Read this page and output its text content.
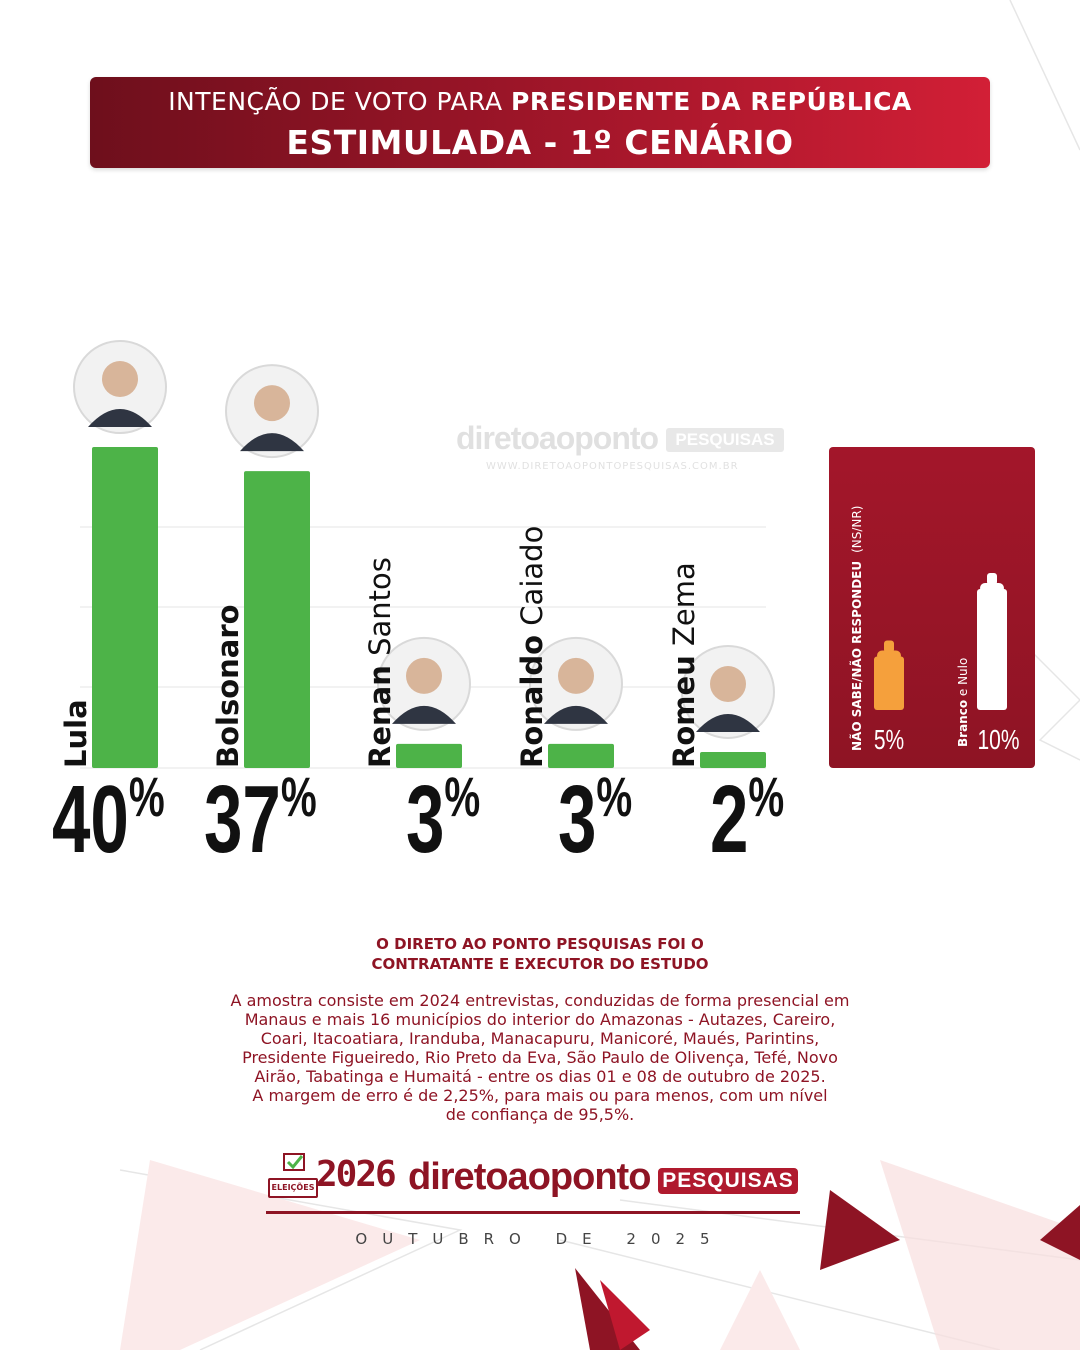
INTENÇÃO DE VOTO PARA PRESIDENTE DA REPÚBLICA
ESTIMULADA - 1º CENÁRIO
diretoaoponto	PESQUISAS
WWW.DIRETOAOPONTOPESQUISAS.COM.BR
Lula
40%
Bolsonaro
37%
Renan Santos
3%
Ronaldo Caiado
3%
Romeu Zema
2%
NÃO SABE/NÃO RESPONDEU(NS/NR)
Branco e Nulo
5%	10%
O DIRETO AO PONTO PESQUISAS FOI O
CONTRATANTE E EXECUTOR DO ESTUDO
A amostra consiste em 2024 entrevistas, conduzidas de forma presencial em
Manaus e mais 16 municípios do interior do Amazonas - Autazes, Careiro,
Coari, Itacoatiara, Iranduba, Manacapuru, Manicoré, Maués, Parintins,
Presidente Figueiredo, Rio Preto da Eva, São Paulo de Olivença, Tefé, Novo
Airão, Tabatinga e Humaitá - entre os dias 01 e 08 de outubro de 2025.
A margem de erro é de 2,25%, para mais ou para menos, com um nível
de confiança de 95,5%.
ELEIÇÕES 2026 diretoaoponto PESQUISAS
OUTUBRO DE 2025
